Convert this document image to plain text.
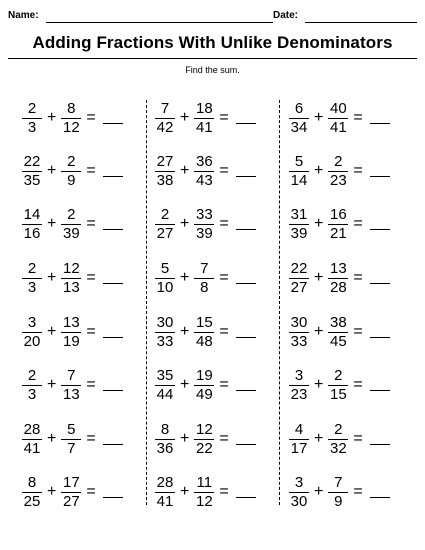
Name:	Date:
Adding Fractions With Unlike Denominators
Find the sum.
$\frac{2}{3} + \frac{8}{12}$ =
$\frac{22}{35} + \frac{2}{9}$ =
$\frac{14}{16} + \frac{2}{39}$ =
$\frac{2}{3} + \frac{12}{13}$ =
$\frac{3}{20} + \frac{13}{19}$ =
$\frac{2}{3} + \frac{7}{13}$ =
$\frac{28}{41} + \frac{5}{7}$ =
$\frac{8}{25} + \frac{17}{27}$ =
$\frac{7}{42} + \frac{18}{41}$ =
$\frac{27}{38} + \frac{36}{43}$ =
$\frac{2}{27} + \frac{33}{39}$ =
$\frac{5}{10} + \frac{7}{8}$ =
$\frac{30}{33} + \frac{15}{48}$ =
$\frac{35}{44} + \frac{19}{49}$ =
$\frac{8}{36} + \frac{12}{22}$ =
$\frac{28}{41} + \frac{11}{12}$ =
$\frac{6}{34} + \frac{40}{41}$ =
$\frac{5}{14} + \frac{2}{23}$ =
$\frac{31}{39} + \frac{16}{21}$ =
$\frac{22}{27} + \frac{13}{28}$ =
$\frac{30}{33} + \frac{38}{45}$ =
$\frac{3}{23} + \frac{2}{15}$ =
$\frac{4}{17} + \frac{2}{32}$ =
$\frac{3}{30} + \frac{7}{9}$ =
